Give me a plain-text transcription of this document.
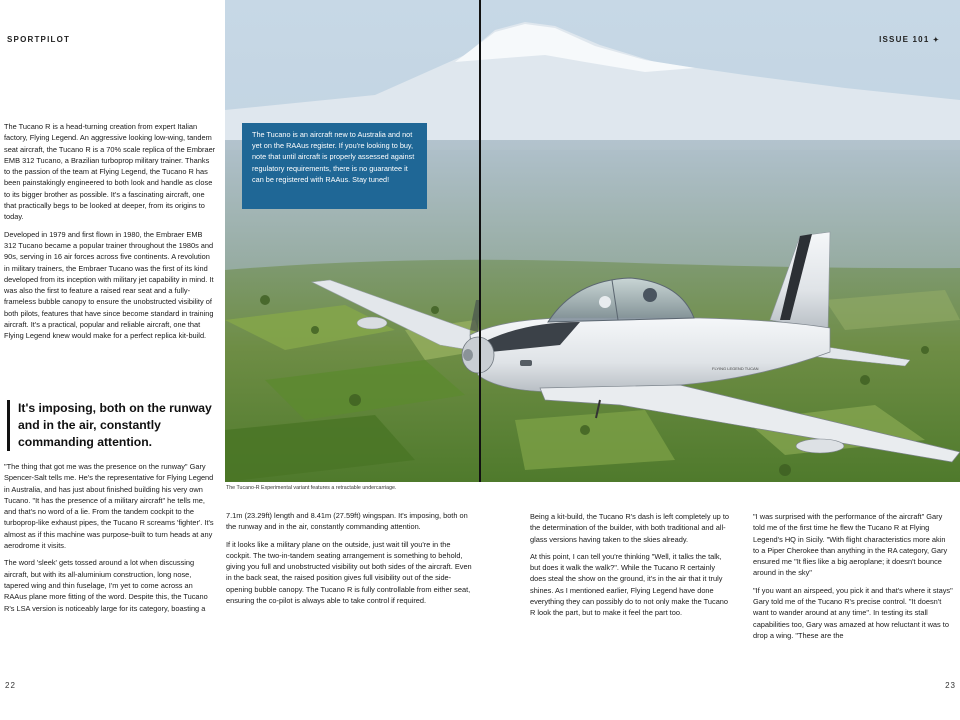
SPORTPILOT

The Tucano R is a head-turning creation from expert Italian factory, Flying Legend. An aggressive looking low-wing, tandem seat aircraft, the Tucano R is a 70% scale replica of the Embraer EMB 312 Tucano, a Brazilian turboprop military trainer. Thanks to the passion of the team at Flying Legend, the Tucano R has been painstakingly engineered to both look and handle as close to its bigger brother as possible. It's a fascinating aircraft, one that practically begs to be looked at deeper, from its origins to today.

Developed in 1979 and first flown in 1980, the Embraer EMB 312 Tucano became a popular trainer throughout the 1980s and 90s, serving in 16 air forces across five continents. A revolution in military trainers, the Embraer Tucano was the first of its kind developed from its inception with military jet capability in mind. It was also the first to feature a raised rear seat and a fully-frameless bubble canopy to ensure the unobstructed visibility of both pilots, features that have since become standard in training aircraft. It's a practical, popular and reliable aircraft, one that Flying Legend knew would make for a perfect replica kit-build.

It's imposing, both on the runway and in the air, constantly commanding attention.

"The thing that got me was the presence on the runway" Gary Spencer-Salt tells me. He's the representative for Flying Legend in Australia, and has just about finished building his very own Tucano. "It has the presence of a military aircraft" he tells me, and that's no word of a lie. From the tandem cockpit to the turboprop-like exhaust pipes, the Tucano R screams 'fighter'. It's almost as if this machine was purpose-built to turn heads at any aerodrome it visits.

The word 'sleek' gets tossed around a lot when discussing aircraft, but with its all-aluminium construction, long nose, tapered wing and thin fuselage, I'm yet to come across an RAAus plane more fitting of the word. Despite this, the Tucano R's LSA version is noticeably large for its category, boasting a

7.1m (23.29ft) length and 8.41m (27.59ft) wingspan. It's imposing, both on the runway and in the air, constantly commanding attention.

If it looks like a military plane on the outside, just wait till you're in the cockpit. The two-in-tandem seating arrangement is something to behold, giving you full and unobstructed visibility out both sides of the aircraft. Even in the back seat, the raised position gives full visibility out of the side-opening bubble canopy. The Tucano R is fully controllable from either seat, ensuring the co-pilot is always able to take control if required.

22
ISSUE 101 ✦

Being a kit-build, the Tucano R's dash is left completely up to the determination of the builder, with both traditional and all-glass versions having taken to the skies already.

At this point, I can tell you're thinking "Well, it talks the talk, but does it walk the walk?". While the Tucano R certainly does steal the show on the ground, it's in the air that it truly shines. As I mentioned earlier, Flying Legend have done everything they can possibly do to not only make the Tucano R look the part, but to make it feel the part too.

"I was surprised with the performance of the aircraft" Gary told me of the first time he flew the Tucano R at Flying Legend's HQ in Sicily. "With flight characteristics more akin to a Piper Cherokee than anything in the RA category, Gary ensured me "It flies like a big aeroplane; it doesn't bounce around in the sky"

"If you want an airspeed, you pick it and that's where it stays" Gary told me of the Tucano R's precise control. "It doesn't want to wander around at any time". In testing its stall capabilities too, Gary was amazed at how reluctant it was to drop a wing. "These are the

23
FLYING LEGEND TUCAN
The Tucano is an aircraft new to Australia and not yet on the RAAus register. If you're looking to buy, note that until aircraft is properly assessed against regulatory requirements, there is no guarantee it can be registered with RAAus. Stay tuned!
The Tucano-R Experimental variant features a retractable undercarriage.
